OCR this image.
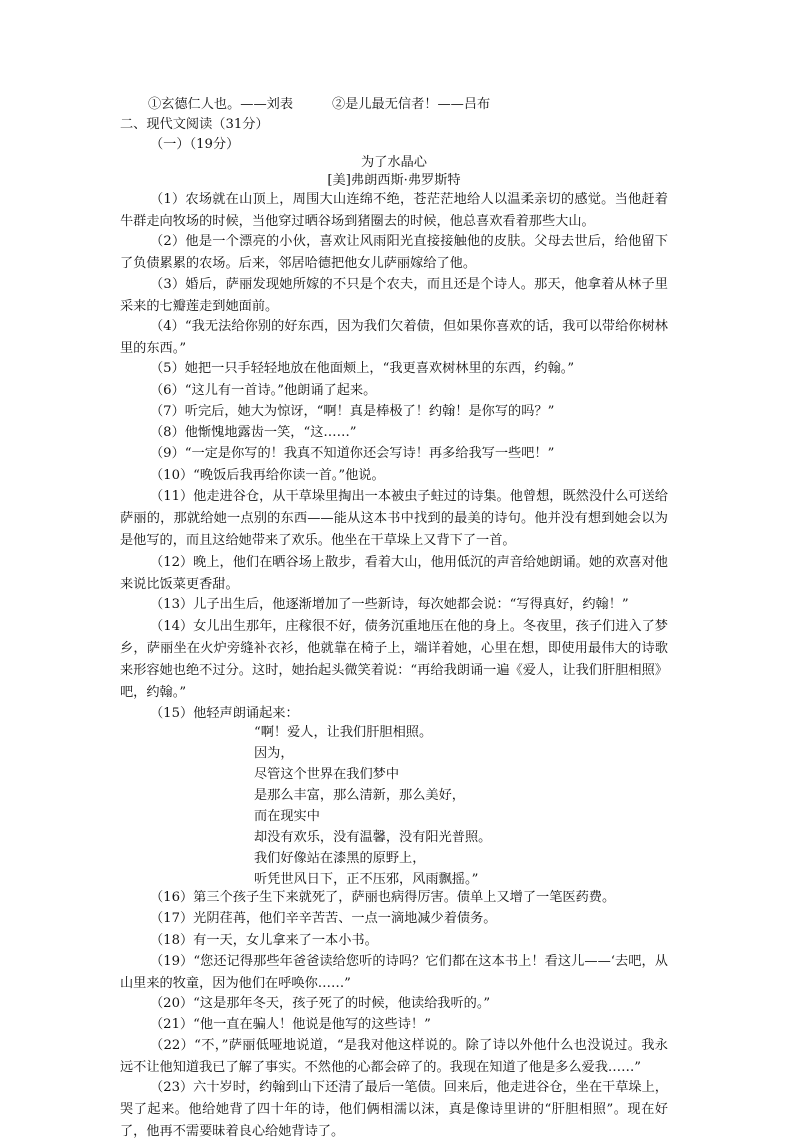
①玄德仁人也。——刘表	②是儿最无信者！——吕布
二、现代文阅读（31分）
（一）（19分）
为了水晶心
[美]弗朗西斯·弗罗斯特
（1）农场就在山顶上，周围大山连绵不绝，苍茫茫地给人以温柔亲切的感觉。当他赶着牛群走向牧场的时候，当他穿过晒谷场到猪圈去的时候，他总喜欢看着那些大山。
（2）他是一个漂亮的小伙，喜欢让风雨阳光直接接触他的皮肤。父母去世后，给他留下了负债累累的农场。后来，邻居哈德把他女儿萨丽嫁给了他。
（3）婚后，萨丽发现她所嫁的不只是个农夫，而且还是个诗人。那天，他拿着从林子里采来的七瓣莲走到她面前。
（4）“我无法给你别的好东西，因为我们欠着债，但如果你喜欢的话，我可以带给你树林里的东西。”
（5）她把一只手轻轻地放在他面颊上，“我更喜欢树林里的东西，约翰。”
（6）“这儿有一首诗。”他朗诵了起来。
（7）听完后，她大为惊讶，“啊！真是棒极了！约翰！是你写的吗？”
（8）他惭愧地露齿一笑，“这……”
（9）“一定是你写的！我真不知道你还会写诗！再多给我写一些吧！”
（10）“晚饭后我再给你读一首。”他说。
（11）他走进谷仓，从干草垛里掏出一本被虫子蛀过的诗集。他曾想，既然没什么可送给萨丽的，那就给她一点别的东西——能从这本书中找到的最美的诗句。他并没有想到她会以为是他写的，而且这给她带来了欢乐。他坐在干草垛上又背下了一首。
（12）晚上，他们在晒谷场上散步，看着大山，他用低沉的声音给她朗诵。她的欢喜对他来说比饭菜更香甜。
（13）儿子出生后，他逐渐增加了一些新诗，每次她都会说：“写得真好，约翰！”
（14）女儿出生那年，庄稼很不好，债务沉重地压在他的身上。冬夜里，孩子们进入了梦乡，萨丽坐在火炉旁缝补衣衫，他就靠在椅子上，端详着她，心里在想，即使用最伟大的诗歌来形容她也绝不过分。这时，她抬起头微笑着说：“再给我朗诵一遍《爱人，让我们肝胆相照》吧，约翰。”
（15）他轻声朗诵起来：
“啊！爱人，让我们肝胆相照。
因为，
尽管这个世界在我们梦中
是那么丰富，那么清新，那么美好，
而在现实中
却没有欢乐，没有温馨，没有阳光普照。
我们好像站在漆黑的原野上，
听凭世风日下，正不压邪，风雨飘摇。”
（16）第三个孩子生下来就死了，萨丽也病得厉害。债单上又增了一笔医药费。
（17）光阴荏苒，他们辛辛苦苦、一点一滴地减少着债务。
（18）有一天，女儿拿来了一本小书。
（19）“您还记得那些年爸爸读给您听的诗吗？它们都在这本书上！看这儿——‘去吧，从山里来的牧童，因为他们在呼唤你……”
（20）“这是那年冬天，孩子死了的时候，他读给我听的。”
（21）“他一直在骗人！他说是他写的这些诗！”
（22）“不，”萨丽低哑地说道，“是我对他这样说的。除了诗以外他什么也没说过。我永远不让他知道我已了解了事实。不然他的心都会碎了的。我现在知道了他是多么爱我……”
（23）六十岁时，约翰到山下还清了最后一笔债。回来后，他走进谷仓，坐在干草垛上，哭了起来。他给她背了四十年的诗，他们俩相濡以沫，真是像诗里讲的“肝胆相照”。现在好了，他再不需要昧着良心给她背诗了。
